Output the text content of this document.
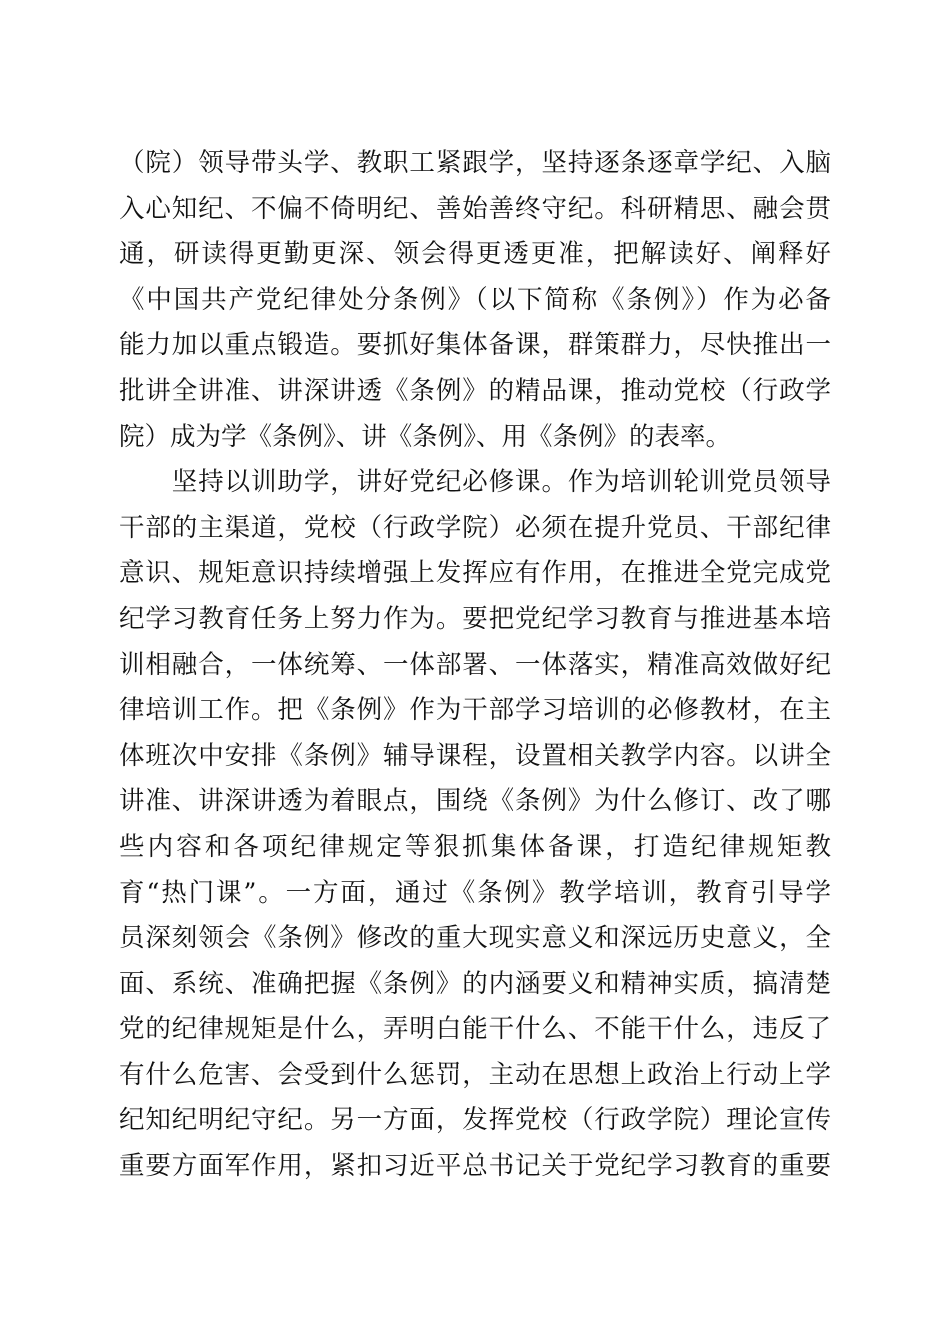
（院）领导带头学、教职工紧跟学，坚持逐条逐章学纪、入脑
入心知纪、不偏不倚明纪、善始善终守纪。科研精思、融会贯
通，研读得更勤更深、领会得更透更准，把解读好、阐释好
《中国共产党纪律处分条例》（以下简称《条例》）作为必备
能力加以重点锻造。要抓好集体备课，群策群力，尽快推出一
批讲全讲准、讲深讲透《条例》的精品课，推动党校（行政学
院）成为学《条例》、讲《条例》、用《条例》的表率。
　　坚持以训助学，讲好党纪必修课。作为培训轮训党员领导
干部的主渠道，党校（行政学院）必须在提升党员、干部纪律
意识、规矩意识持续增强上发挥应有作用，在推进全党完成党
纪学习教育任务上努力作为。要把党纪学习教育与推进基本培
训相融合，一体统筹、一体部署、一体落实，精准高效做好纪
律培训工作。把《条例》作为干部学习培训的必修教材，在主
体班次中安排《条例》辅导课程，设置相关教学内容。以讲全
讲准、讲深讲透为着眼点，围绕《条例》为什么修订、改了哪
些内容和各项纪律规定等狠抓集体备课，打造纪律规矩教
育“热门课”。一方面，通过《条例》教学培训，教育引导学
员深刻领会《条例》修改的重大现实意义和深远历史意义，全
面、系统、准确把握《条例》的内涵要义和精神实质，搞清楚
党的纪律规矩是什么，弄明白能干什么、不能干什么，违反了
有什么危害、会受到什么惩罚，主动在思想上政治上行动上学
纪知纪明纪守纪。另一方面，发挥党校（行政学院）理论宣传
重要方面军作用，紧扣习近平总书记关于党纪学习教育的重要
